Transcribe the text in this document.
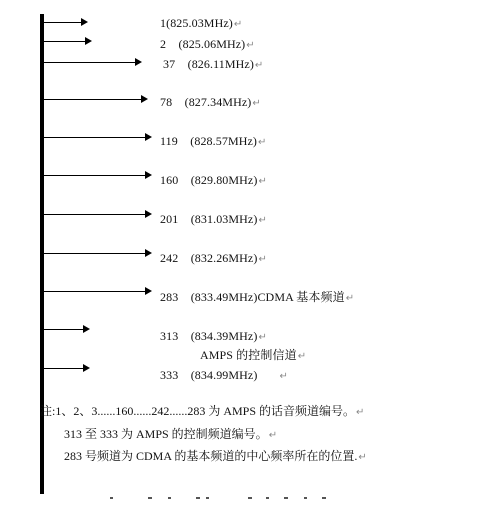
1(825.03MHz)↵
2    (825.06MHz)↵
37    (826.11MHz)↵
78    (827.34MHz)↵
119    (828.57MHz)↵
160    (829.80MHz)↵
201    (831.03MHz)↵
242    (832.26MHz)↵
283    (833.49MHz)CDMA 基本频道↵
313    (834.39MHz)↵
AMPS 的控制信道↵
333    (834.99MHz) ↵
注:1、2、3......160......242......283 为 AMPS 的话音频道编号。↵
313 至 333 为 AMPS 的控制频道编号。↵
283 号频道为 CDMA 的基本频道的中心频率所在的位置.↵
